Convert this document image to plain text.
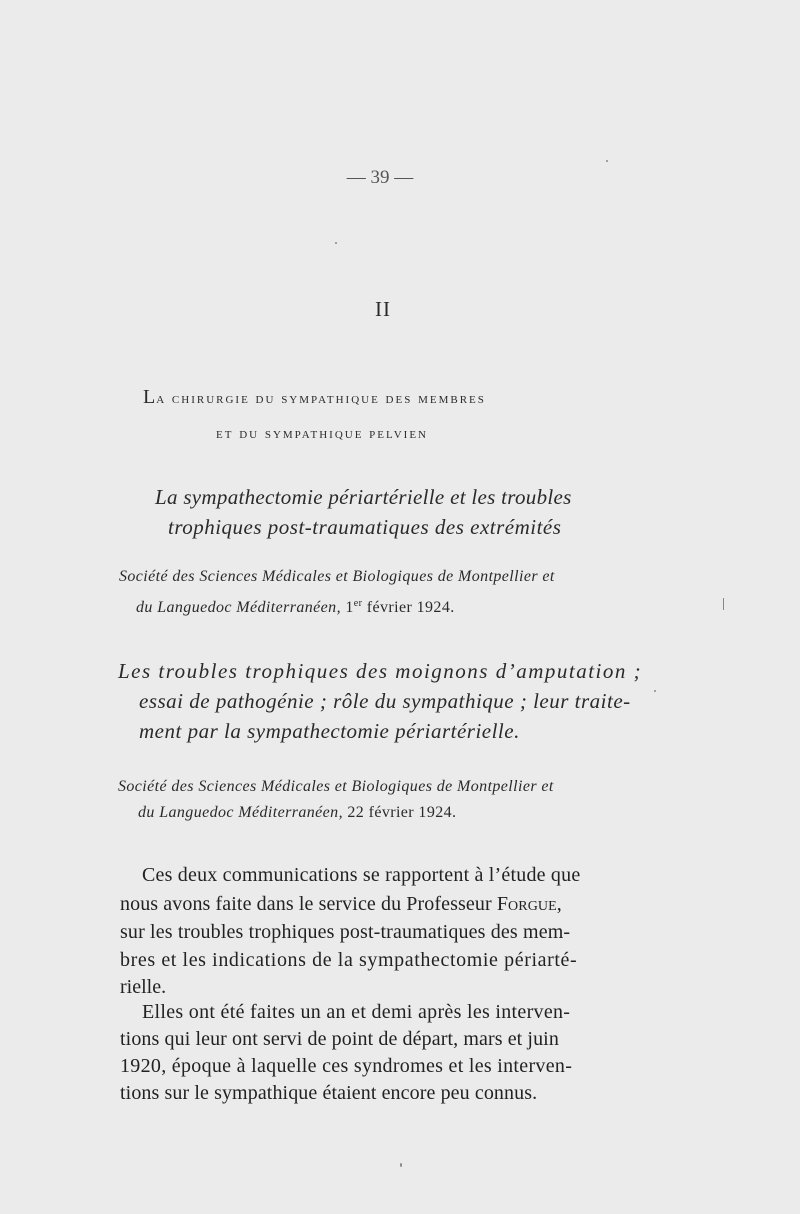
— 39 —
II
La chirurgie du sympathique des membres
et du sympathique pelvien
La sympathectomie périartérielle et les troubles
trophiques post-traumatiques des extrémités
Société des Sciences Médicales et Biologiques de Montpellier et
du Languedoc Méditerranéen, 1er février 1924.
Les troubles trophiques des moignons d’amputation ;
essai de pathogénie ; rôle du sympathique ; leur traite-
ment par la sympathectomie périartérielle.
Société des Sciences Médicales et Biologiques de Montpellier et
du Languedoc Méditerranéen, 22 février 1924.
Ces deux communications se rapportent à l’étude que
nous avons faite dans le service du Professeur Forgue,
sur les troubles trophiques post-traumatiques des mem-
bres et les indications de la sympathectomie périarté-
rielle.
Elles ont été faites un an et demi après les interven-
tions qui leur ont servi de point de départ, mars et juin
1920, époque à laquelle ces syndromes et les interven-
tions sur le sympathique étaient encore peu connus.
